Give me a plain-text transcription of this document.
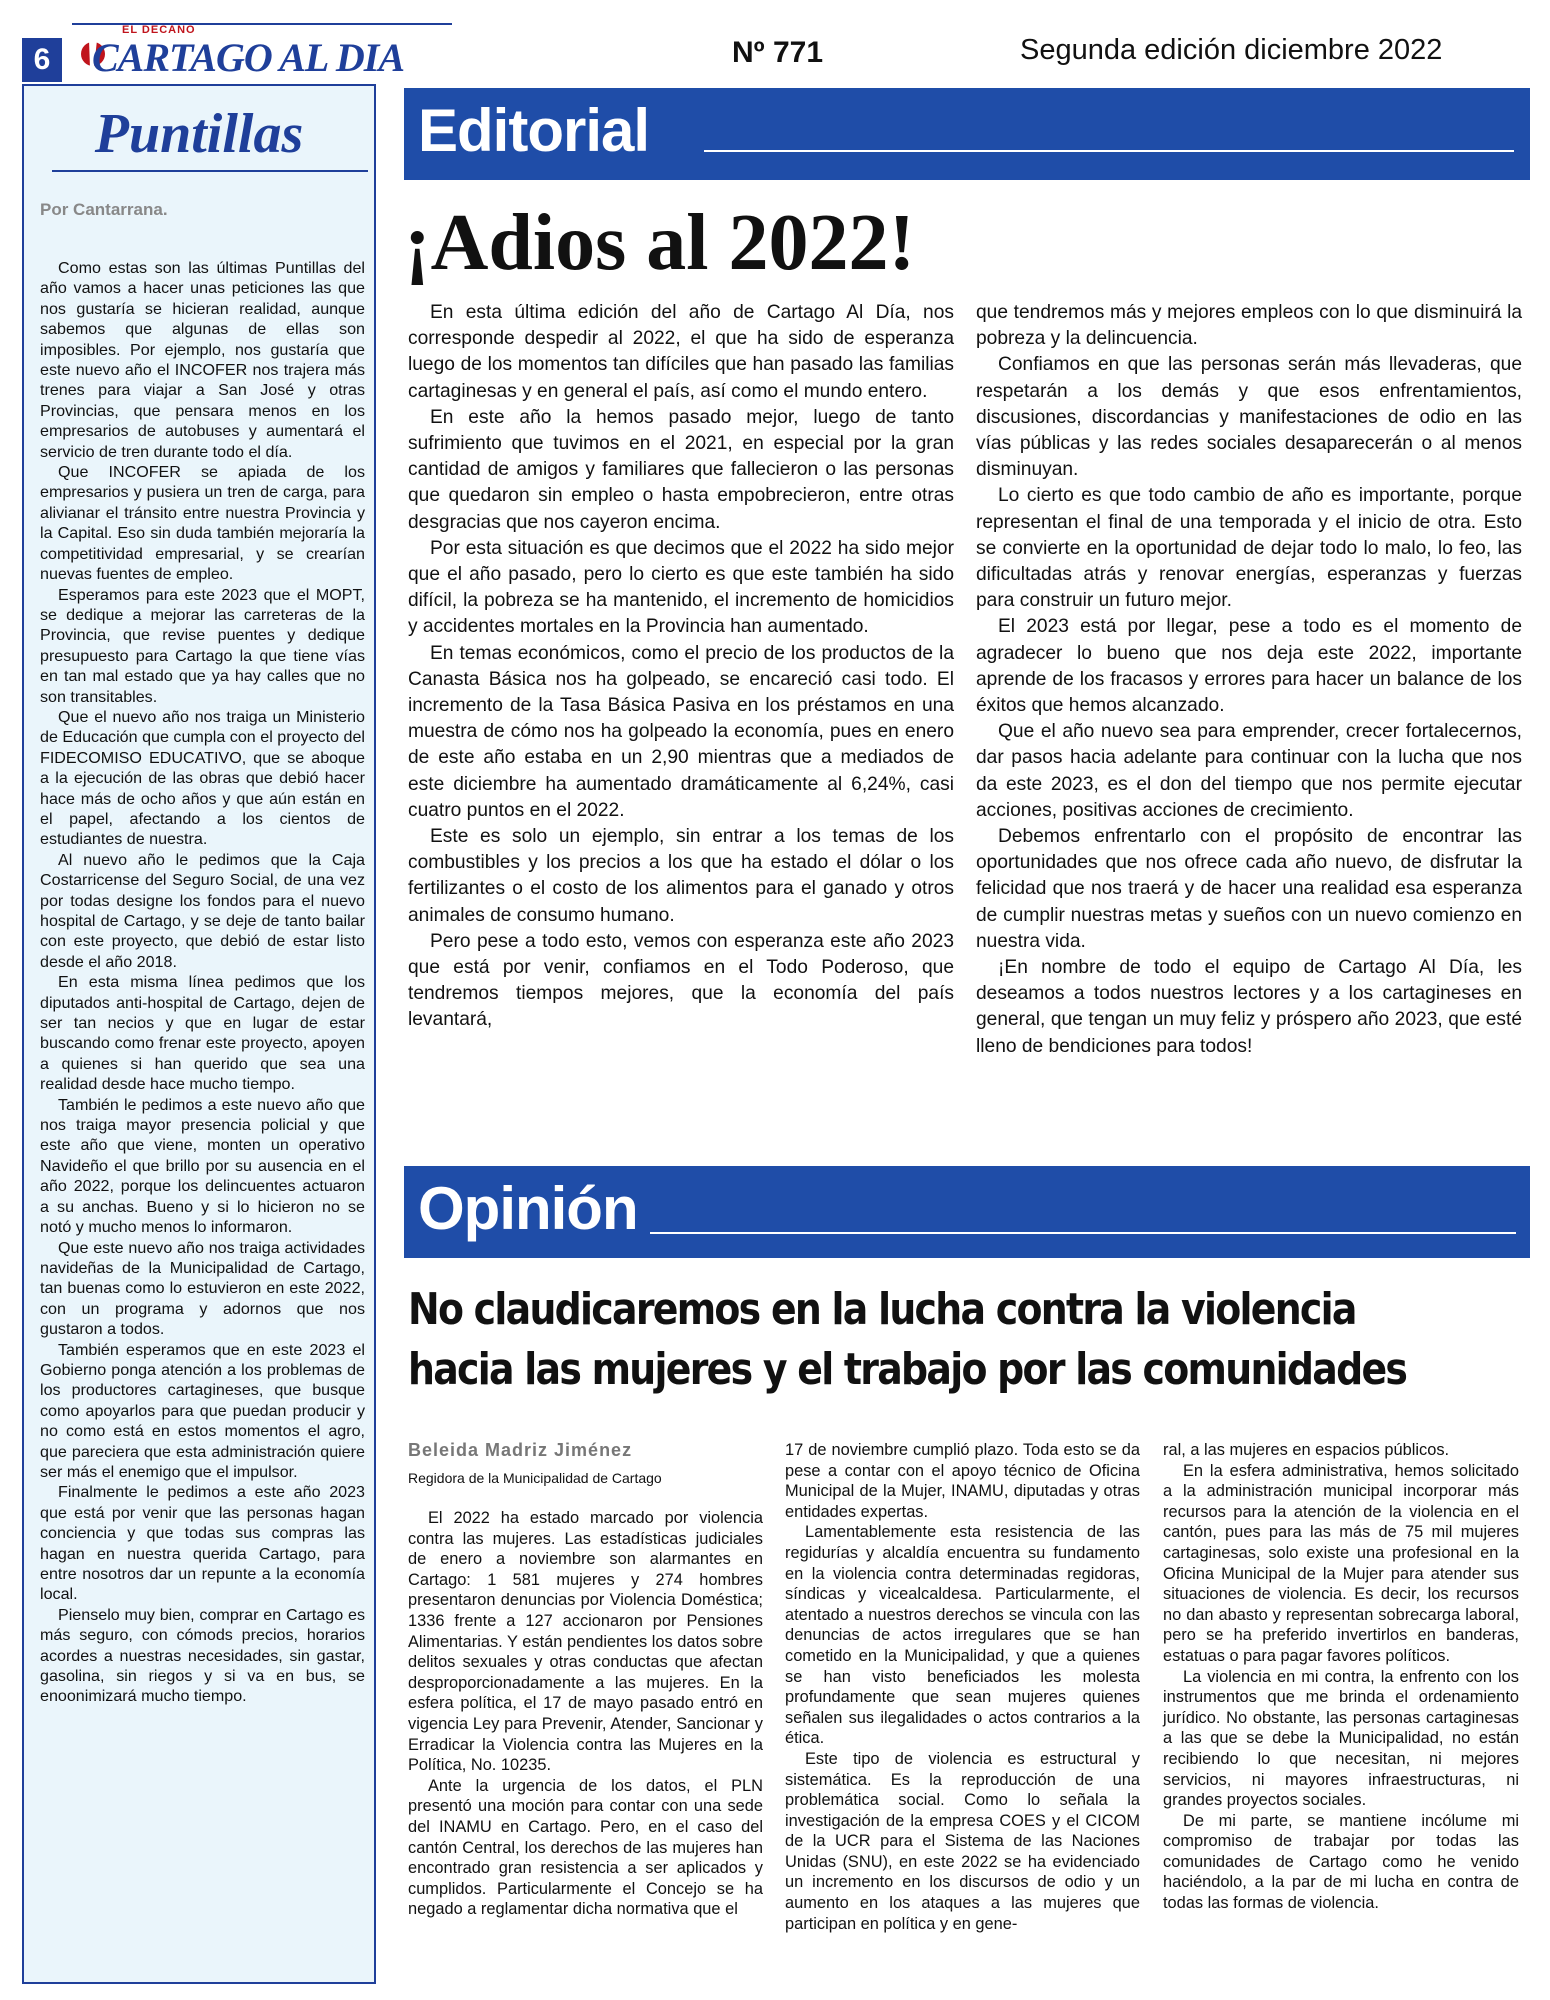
6
EL DECANO
CARTAGO AL DIA	Nº 771	Segunda edición diciembre 2022
Puntillas
Por Cantarrana.

Como estas son las últimas Puntillas del año vamos a hacer unas peticiones las que nos gustaría se hicieran realidad, aunque sabemos que algunas de ellas son imposibles. Por ejemplo, nos gustaría que este nuevo año el INCOFER nos trajera más trenes para viajar a San José y otras Provincias, que pensara menos en los empresarios de autobuses y aumentará el servicio de tren durante todo el día.

Que INCOFER se apiada de los empresarios y pusiera un tren de carga, para alivianar el tránsito entre nuestra Provincia y la Capital. Eso sin duda también mejoraría la competitividad empresarial, y se crearían nuevas fuentes de empleo.

Esperamos para este 2023 que el MOPT, se dedique a mejorar las carreteras de la Provincia, que revise puentes y dedique presupuesto para Cartago la que tiene vías en tan mal estado que ya hay calles que no son transitables.

Que el nuevo año nos traiga un Ministerio de Educación que cumpla con el proyecto del FIDECOMISO EDUCATIVO, que se aboque a la ejecución de las obras que debió hacer hace más de ocho años y que aún están en el papel, afectando a los cientos de estudiantes de nuestra.

Al nuevo año le pedimos que la Caja Costarricense del Seguro Social, de una vez por todas designe los fondos para el nuevo hospital de Cartago, y se deje de tanto bailar con este proyecto, que debió de estar listo desde el año 2018.

En esta misma línea pedimos que los diputados anti-hospital de Cartago, dejen de ser tan necios y que en lugar de estar buscando como frenar este proyecto, apoyen a quienes si han querido que sea una realidad desde hace mucho tiempo.

También le pedimos a este nuevo año que nos traiga mayor presencia policial y que este año que viene, monten un operativo Navideño el que brillo por su ausencia en el año 2022, porque los delincuentes actuaron a su anchas. Bueno y si lo hicieron no se notó y mucho menos lo informaron.

Que este nuevo año nos traiga actividades navideñas de la Municipalidad de Cartago, tan buenas como lo estuvieron en este 2022, con un programa y adornos que nos gustaron a todos.

También esperamos que en este 2023 el Gobierno ponga atención a los problemas de los productores cartagineses, que busque como apoyarlos para que puedan producir y no como está en estos momentos el agro, que pareciera que esta administración quiere ser más el enemigo que el impulsor.

Finalmente le pedimos a este año 2023 que está por venir que las personas hagan conciencia y que todas sus compras las hagan en nuestra querida Cartago, para entre nosotros dar un repunte a la economía local.

Pienselo muy bien, comprar en Cartago es más seguro, con cómods precios, horarios acordes a nuestras necesidades, sin gastar, gasolina, sin riegos y si va en bus, se enoonimizará mucho tiempo.

Editorial
¡Adios al 2022!

En esta última edición del año de Cartago Al Día, nos corresponde despedir al 2022, el que ha sido de esperanza luego de los momentos tan difíciles que han pasado las familias cartaginesas y en general el país, así como el mundo entero.

En este año la hemos pasado mejor, luego de tanto sufrimiento que tuvimos en el 2021, en especial por la gran cantidad de amigos y familiares que fallecieron o las personas que quedaron sin empleo o hasta empobrecieron, entre otras desgracias que nos cayeron encima.

Por esta situación es que decimos que el 2022 ha sido mejor que el año pasado, pero lo cierto es que este también ha sido difícil, la pobreza se ha mantenido, el incremento de homicidios y accidentes mortales en la Provincia han aumentado.

En temas económicos, como el precio de los productos de la Canasta Básica nos ha golpeado, se encareció casi todo. El incremento de la Tasa Básica Pasiva en los préstamos en una muestra de cómo nos ha golpeado la economía, pues en enero de este año estaba en un 2,90 mientras que a mediados de este diciembre ha aumentado dramáticamente al 6,24%, casi cuatro puntos en el 2022.

Este es solo un ejemplo, sin entrar a los temas de los combustibles y los precios a los que ha estado el dólar o los fertilizantes o el costo de los alimentos para el ganado y otros animales de consumo humano.

Pero pese a todo esto, vemos con esperanza este año 2023 que está por venir, confiamos en el Todo Poderoso, que tendremos tiempos mejores, que la economía del país levantará,

que tendremos más y mejores empleos con lo que disminuirá la pobreza y la delincuencia.

Confiamos en que las personas serán más llevaderas, que respetarán a los demás y que esos enfrentamientos, discusiones, discordancias y manifestaciones de odio en las vías públicas y las redes sociales desaparecerán o al menos disminuyan.

Lo cierto es que todo cambio de año es importante, porque representan el final de una temporada y el inicio de otra. Esto se convierte en la oportunidad de dejar todo lo malo, lo feo, las dificultadas atrás y renovar energías, esperanzas y fuerzas para construir un futuro mejor.

El 2023 está por llegar, pese a todo es el momento de agradecer lo bueno que nos deja este 2022, importante aprende de los fracasos y errores para hacer un balance de los éxitos que hemos alcanzado.

Que el año nuevo sea para emprender, crecer fortalecernos, dar pasos hacia adelante para continuar con la lucha que nos da este 2023, es el don del tiempo que nos permite ejecutar acciones, positivas acciones de crecimiento.

Debemos enfrentarlo con el propósito de encontrar las oportunidades que nos ofrece cada año nuevo, de disfrutar la felicidad que nos traerá y de hacer una realidad esa esperanza de cumplir nuestras metas y sueños con un nuevo comienzo en nuestra vida.

¡En nombre de todo el equipo de Cartago Al Día, les deseamos a todos nuestros lectores y a los cartagineses en general, que tengan un muy feliz y próspero año 2023, que esté lleno de bendiciones para todos!

Opinión
No claudicaremos en la lucha contra la violencia
hacia las mujeres y el trabajo por las comunidades
Beleida Madriz Jiménez
Regidora de la Municipalidad de Cartago

El 2022 ha estado marcado por violencia contra las mujeres. Las estadísticas judiciales de enero a noviembre son alarmantes en Cartago: 1 581 mujeres y 274 hombres presentaron denuncias por Violencia Doméstica; 1336 frente a 127 accionaron por Pensiones Alimentarias. Y están pendientes los datos sobre delitos sexuales y otras conductas que afectan desproporcionadamente a las mujeres. En la esfera política, el 17 de mayo pasado entró en vigencia Ley para Prevenir, Atender, Sancionar y Erradicar la Violencia contra las Mujeres en la Política, No. 10235.

Ante la urgencia de los datos, el PLN presentó una moción para contar con una sede del INAMU en Cartago. Pero, en el caso del cantón Central, los derechos de las mujeres han encontrado gran resistencia a ser aplicados y cumplidos. Particularmente el Concejo se ha negado a reglamentar dicha normativa que el

17 de noviembre cumplió plazo. Toda esto se da pese a contar con el apoyo técnico de Oficina Municipal de la Mujer, INAMU, diputadas y otras entidades expertas.

Lamentablemente esta resistencia de las regidurías y alcaldía encuentra su fundamento en la violencia contra determinadas regidoras, síndicas y vicealcaldesa. Particularmente, el atentado a nuestros derechos se vincula con las denuncias de actos irregulares que se han cometido en la Municipalidad, y que a quienes se han visto beneficiados les molesta profundamente que sean mujeres quienes señalen sus ilegalidades o actos contrarios a la ética.

Este tipo de violencia es estructural y sistemática. Es la reproducción de una problemática social. Como lo señala la investigación de la empresa COES y el CICOM de la UCR para el Sistema de las Naciones Unidas (SNU), en este 2022 se ha evidenciado un incremento en los discursos de odio y un aumento en los ataques a las mujeres que participan en política y en gene-

ral, a las mujeres en espacios públicos.

En la esfera administrativa, hemos solicitado a la administración municipal incorporar más recursos para la atención de la violencia en el cantón, pues para las más de 75 mil mujeres cartaginesas, solo existe una profesional en la Oficina Municipal de la Mujer para atender sus situaciones de violencia. Es decir, los recursos no dan abasto y representan sobrecarga laboral, pero se ha preferido invertirlos en banderas, estatuas o para pagar favores políticos.

La violencia en mi contra, la enfrento con los instrumentos que me brinda el ordenamiento jurídico. No obstante, las personas cartaginesas a las que se debe la Municipalidad, no están recibiendo lo que necesitan, ni mejores servicios, ni mayores infraestructuras, ni grandes proyectos sociales.

De mi parte, se mantiene incólume mi compromiso de trabajar por todas las comunidades de Cartago como he venido haciéndolo, a la par de mi lucha en contra de todas las formas de violencia.
